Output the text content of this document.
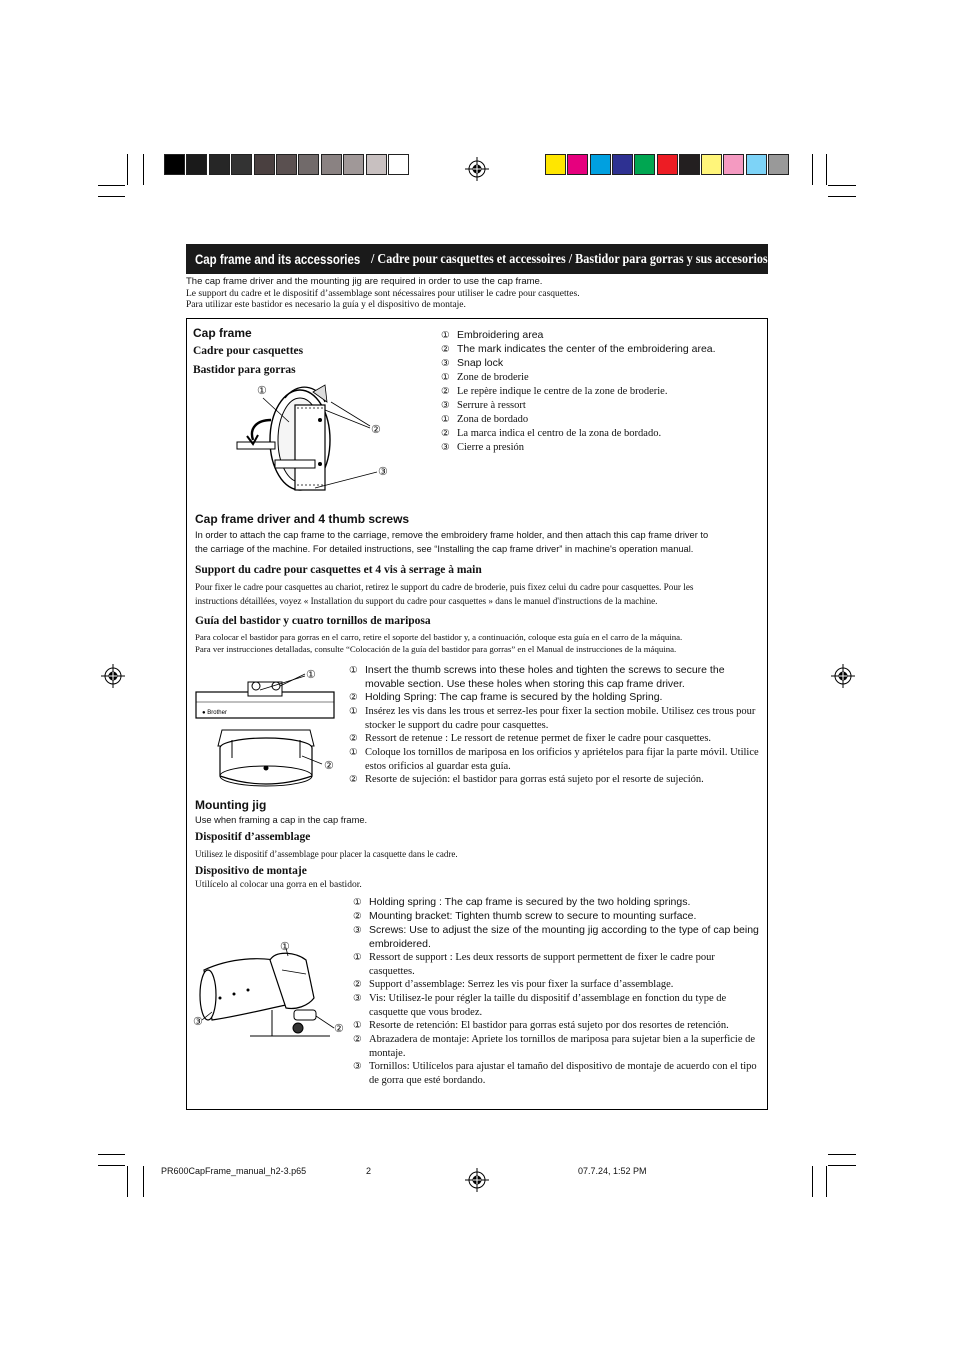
Cap frame and its accessories / Cadre pour casquettes et accessoires / Bastidor para gorras y sus accesorios
The cap frame driver and the mounting jig are required in order to use the cap frame.
Le support du cadre et le dispositif d’assemblage sont nécessaires pour utiliser le cadre pour casquettes.
Para utilizar este bastidor es necesario la guía y el dispositivo de montaje.
Cap frame
Cadre pour casquettes
Bastidor para gorras
① Embroidering area
② The mark indicates the center of the embroidering area.
③ Snap lock
① Zone de broderie
② Le repère indique le centre de la zone de broderie.
③ Serrure à ressort
① Zona de bordado
② La marca indica el centro de la zona de bordado.
③ Cierre a presión
①
②
③
Cap frame driver and 4 thumb screws
In order to attach the cap frame to the carriage, remove the embroidery frame holder, and then attach this cap frame driver to
the carriage of the machine. For detailed instructions, see “Installing the cap frame driver” in machine's operation manual.
Support du cadre pour casquettes et 4 vis à serrage à main
Pour fixer le cadre pour casquettes au chariot, retirez le support du cadre de broderie, puis fixez celui du cadre pour casquettes. Pour les
instructions détaillées, voyez « Installation du support du cadre pour casquettes » dans le manuel d'instructions de la machine.
Guía del bastidor y cuatro tornillos de mariposa
Para colocar el bastidor para gorras en el carro, retire el soporte del bastidor y, a continuación, coloque esta guía en el carro de la máquina.
Para ver instrucciones detalladas, consulte “Colocación de la guía del bastidor para gorras” en el Manual de instrucciones de la máquina.
① Insert the thumb screws into these holes and tighten the screws to secure the movable section. Use these holes when storing this cap frame driver.
② Holding Spring: The cap frame is secured by the holding Spring.
① Insérez les vis dans les trous et serrez-les pour fixer la section mobile. Utilisez ces trous pour stocker le support du cadre pour casquettes.
② Ressort de retenue : Le ressort de retenue permet de fixer le cadre pour casquettes.
① Coloque los tornillos de mariposa en los orificios y apriételos para fijar la parte móvil. Utilice estos orificios al guardar esta guía.
② Resorte de sujeción: el bastidor para gorras está sujeto por el resorte de sujeción.
● Brother
①
②
Mounting jig
Use when framing a cap in the cap frame.
Dispositif d’assemblage
Utilisez le dispositif d’assemblage pour placer la casquette dans le cadre.
Dispositivo de montaje
Utilícelo al colocar una gorra en el bastidor.
① Holding spring : The cap frame is secured by the two holding springs.
② Mounting bracket: Tighten thumb screw to secure to mounting surface.
③ Screws: Use to adjust the size of the mounting jig according to the type of cap being embroidered.
① Ressort de support : Les deux ressorts de support permettent de fixer le cadre pour casquettes.
② Support d’assemblage: Serrez les vis pour fixer la surface d’assemblage.
③ Vis: Utilisez-le pour régler la taille du dispositif d’assemblage en fonction du type de casquette que vous brodez.
① Resorte de retención: El bastidor para gorras está sujeto por dos resortes de retención.
② Abrazadera de montaje: Apriete los tornillos de mariposa para sujetar bien a la superficie de montaje.
③ Tornillos: Utilícelos para ajustar el tamaño del dispositivo de montaje de acuerdo con el tipo de gorra que esté bordando.
①
③
②
PR600CapFrame_manual_h2-3.p65	2	07.7.24, 1:52 PM
